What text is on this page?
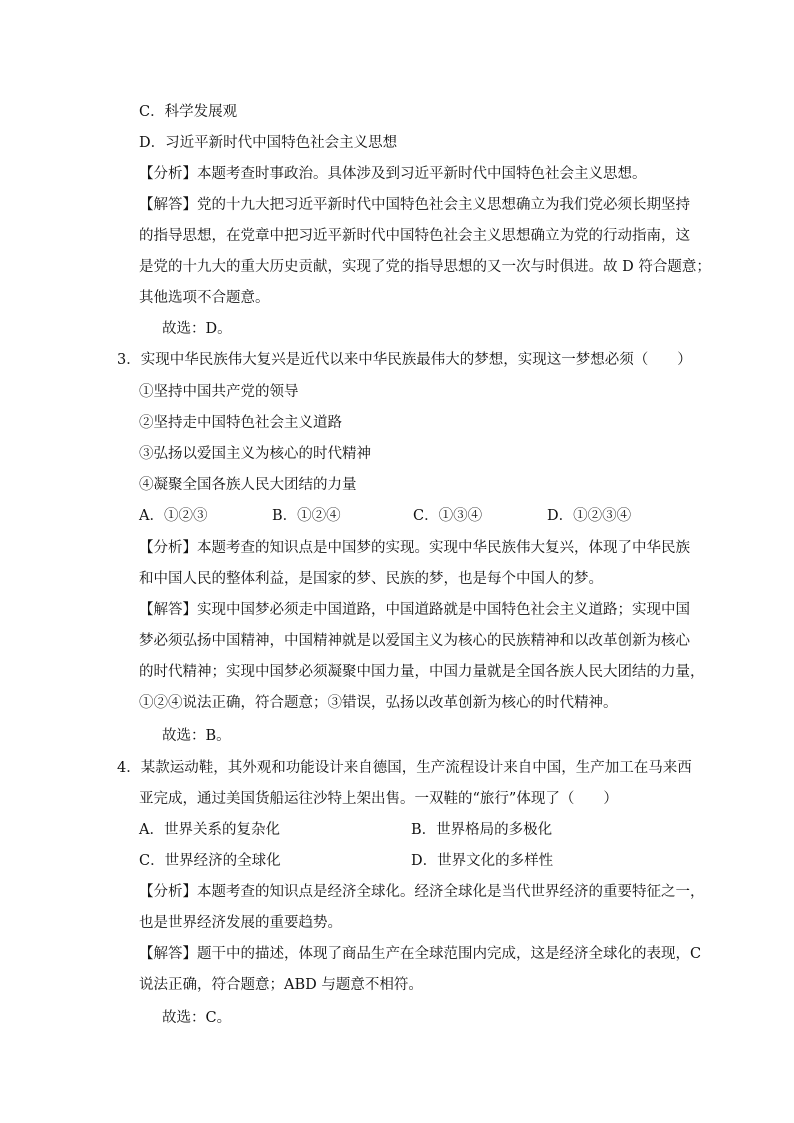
C．科学发展观
D．习近平新时代中国特色社会主义思想
【分析】本题考查时事政治。具体涉及到习近平新时代中国特色社会主义思想。
【解答】党的十九大把习近平新时代中国特色社会主义思想确立为我们党必须长期坚持
的指导思想，在党章中把习近平新时代中国特色社会主义思想确立为党的行动指南，这
是党的十九大的重大历史贡献，实现了党的指导思想的又一次与时俱进。故 D 符合题意；
其他选项不合题意。
故选：D。
3．实现中华民族伟大复兴是近代以来中华民族最伟大的梦想，实现这一梦想必须（　　）
①坚持中国共产党的领导
②坚持走中国特色社会主义道路
③弘扬以爱国主义为核心的时代精神
④凝聚全国各族人民大团结的力量
A．①②③	B．①②④	C．①③④	D．①②③④
【分析】本题考查的知识点是中国梦的实现。实现中华民族伟大复兴，体现了中华民族
和中国人民的整体利益，是国家的梦、民族的梦，也是每个中国人的梦。
【解答】实现中国梦必须走中国道路，中国道路就是中国特色社会主义道路；实现中国
梦必须弘扬中国精神，中国精神就是以爱国主义为核心的民族精神和以改革创新为核心
的时代精神；实现中国梦必须凝聚中国力量，中国力量就是全国各族人民大团结的力量，
①②④说法正确，符合题意；③错误，弘扬以改革创新为核心的时代精神。
故选：B。
4．某款运动鞋，其外观和功能设计来自德国，生产流程设计来自中国，生产加工在马来西
亚完成，通过美国货船运往沙特上架出售。一双鞋的“旅行”体现了（　　）
A．世界关系的复杂化	B．世界格局的多极化
C．世界经济的全球化	D．世界文化的多样性
【分析】本题考查的知识点是经济全球化。经济全球化是当代世界经济的重要特征之一，
也是世界经济发展的重要趋势。
【解答】题干中的描述，体现了商品生产在全球范围内完成，这是经济全球化的表现，C
说法正确，符合题意；ABD 与题意不相符。
故选：C。
